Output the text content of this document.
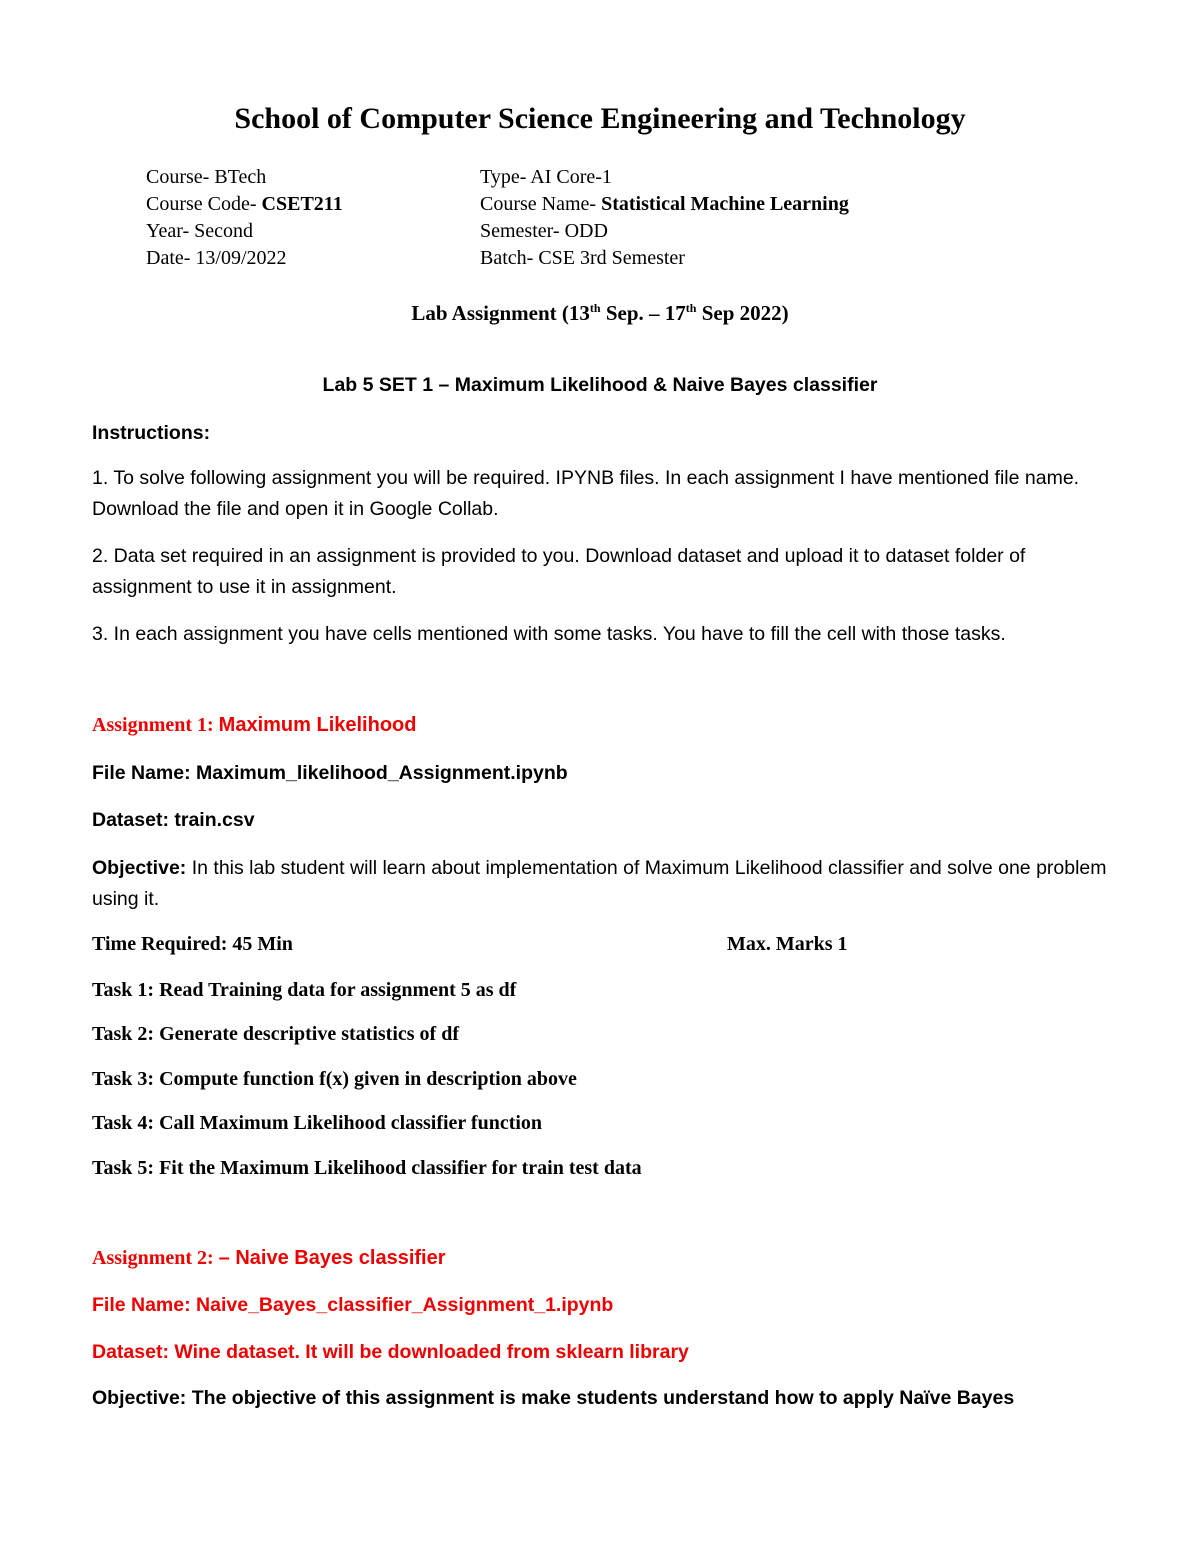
School of Computer Science Engineering and Technology
Course- BTech	Type- AI Core-1
Course Code- CSET211	Course Name- Statistical Machine Learning
Year- Second	Semester- ODD
Date- 13/09/2022	Batch- CSE 3rd Semester
Lab Assignment (13th Sep. – 17th Sep 2022)
Lab 5 SET 1 – Maximum Likelihood & Naive Bayes classifier
Instructions:
1. To solve following assignment you will be required. IPYNB files. In each assignment I have mentioned file name. Download the file and open it in Google Collab.
2. Data set required in an assignment is provided to you. Download dataset and upload it to dataset folder of assignment to use it in assignment.
3. In each assignment you have cells mentioned with some tasks. You have to fill the cell with those tasks.
Assignment 1: Maximum Likelihood
File Name: Maximum_likelihood_Assignment.ipynb
Dataset: train.csv
Objective: In this lab student will learn about implementation of Maximum Likelihood classifier and solve one problem using it.
Time Required: 45 Min	Max. Marks 1
Task 1: Read Training data for assignment 5 as df
Task 2: Generate descriptive statistics of df
Task 3: Compute function f(x) given in description above
Task 4: Call Maximum Likelihood classifier function
Task 5: Fit the Maximum Likelihood classifier for train test data
Assignment 2: – Naive Bayes classifier
File Name: Naive_Bayes_classifier_Assignment_1.ipynb
Dataset: Wine dataset. It will be downloaded from sklearn library
Objective: The objective of this assignment is make students understand how to apply Naïve Bayes
